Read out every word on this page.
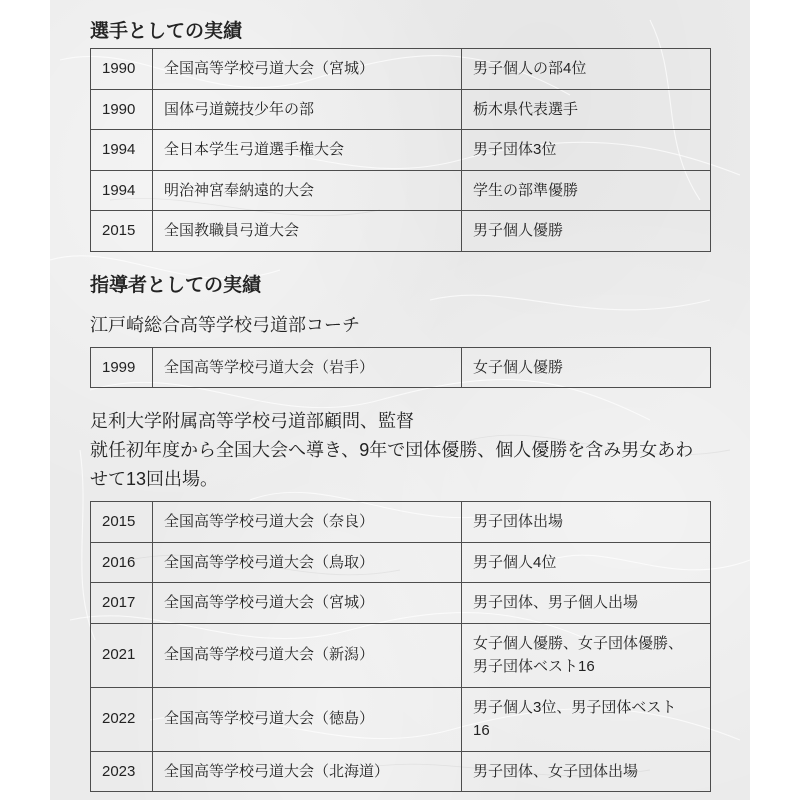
選手としての実績
1990	全国高等学校弓道大会（宮城）	男子個人の部4位
1990	国体弓道競技少年の部	栃木県代表選手
1994	全日本学生弓道選手権大会	男子団体3位
1994	明治神宮奉納遠的大会	学生の部準優勝
2015	全国教職員弓道大会	男子個人優勝
指導者としての実績

江戸崎総合高等学校弓道部コーチ

1999	全国高等学校弓道大会（岩手）	女子個人優勝

足利大学附属高等学校弓道部顧問、監督
就任初年度から全国大会へ導き、9年で団体優勝、個人優勝を含み男女あわ
せて13回出場。

2015	全国高等学校弓道大会（奈良）	男子団体出場
2016	全国高等学校弓道大会（鳥取）	男子個人4位
2017	全国高等学校弓道大会（宮城）	男子団体、男子個人出場
2021	全国高等学校弓道大会（新潟）	女子個人優勝、女子団体優勝、
男子団体ベスト16

2022	全国高等学校弓道大会（徳島）	男子個人3位、男子団体ベスト
16

2023	全国高等学校弓道大会（北海道）	男子団体、女子団体出場
